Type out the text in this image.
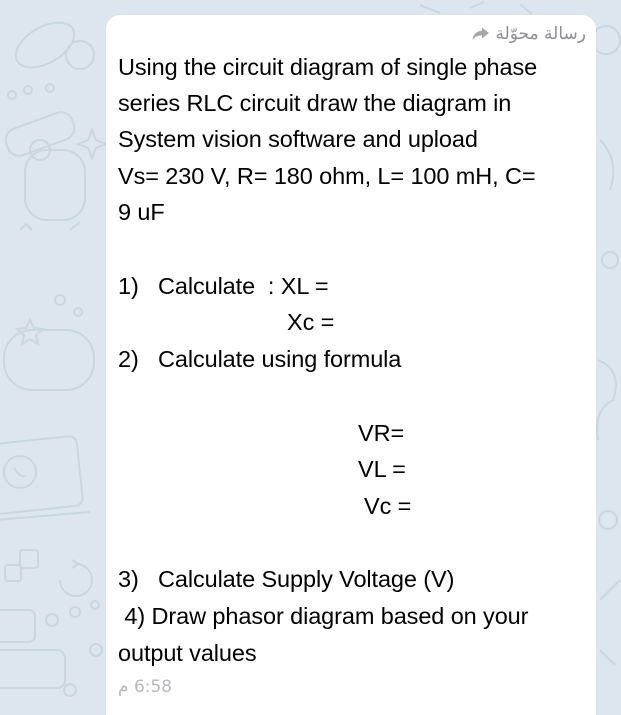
رسالة محوّلة
Using the circuit diagram of single phase
series RLC circuit draw the diagram in
System vision software and upload
Vs= 230 V, R= 180 ohm, L= 100 mH, C=
9 uF
1)   Calculate  : XL =
Xc =
2)   Calculate using formula
VR=
VL =
Vc =
3)   Calculate Supply Voltage (V)
4) Draw phasor diagram based on your
output values
6:58 م
